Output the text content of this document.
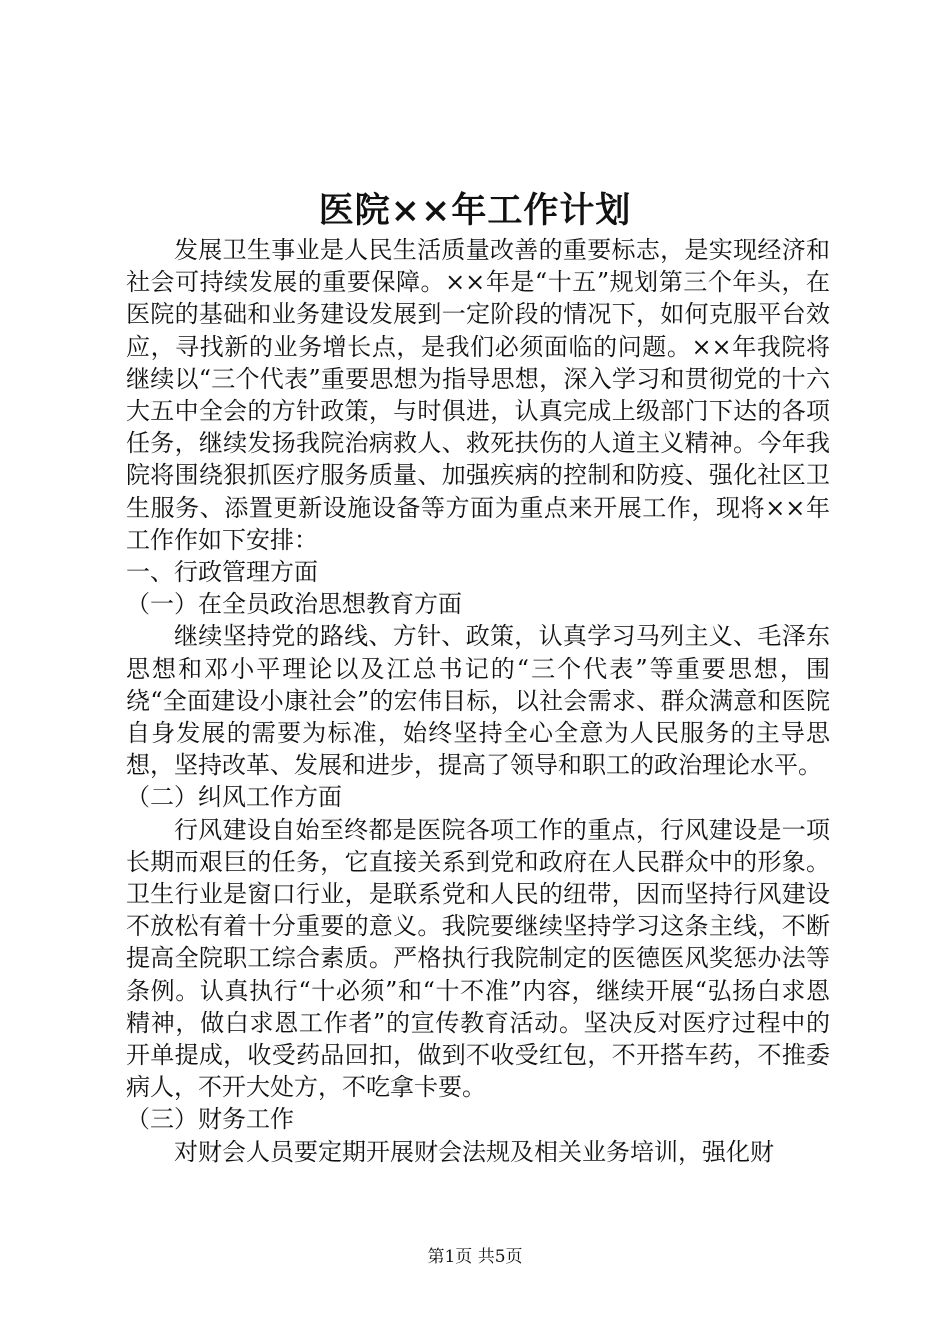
医院××年工作计划

发展卫生事业是人民生活质量改善的重要标志，是实现经济和社会可持续发展的重要保障。××年是“十五”规划第三个年头，在医院的基础和业务建设发展到一定阶段的情况下，如何克服平台效应，寻找新的业务增长点，是我们必须面临的问题。××年我院将继续以“三个代表”重要思想为指导思想，深入学习和贯彻党的十六大五中全会的方针政策，与时俱进，认真完成上级部门下达的各项任务，继续发扬我院治病救人、救死扶伤的人道主义精神。今年我院将围绕狠抓医疗服务质量、加强疾病的控制和防疫、强化社区卫生服务、添置更新设施设备等方面为重点来开展工作，现将××年工作作如下安排：

一、行政管理方面

（一）在全员政治思想教育方面

继续坚持党的路线、方针、政策，认真学习马列主义、毛泽东思想和邓小平理论以及江总书记的“三个代表”等重要思想，围绕“全面建设小康社会”的宏伟目标，以社会需求、群众满意和医院自身发展的需要为标准，始终坚持全心全意为人民服务的主导思想，坚持改革、发展和进步，提高了领导和职工的政治理论水平。

（二）纠风工作方面

行风建设自始至终都是医院各项工作的重点，行风建设是一项长期而艰巨的任务，它直接关系到党和政府在人民群众中的形象。卫生行业是窗口行业，是联系党和人民的纽带，因而坚持行风建设不放松有着十分重要的意义。我院要继续坚持学习这条主线，不断提高全院职工综合素质。严格执行我院制定的医德医风奖惩办法等条例。认真执行“十必须”和“十不准”内容，继续开展“弘扬白求恩精神，做白求恩工作者”的宣传教育活动。坚决反对医疗过程中的开单提成，收受药品回扣，做到不收受红包，不开搭车药，不推委病人，不开大处方，不吃拿卡要。

（三）财务工作

对财会人员要定期开展财会法规及相关业务培训，强化财

第1页 共5页
